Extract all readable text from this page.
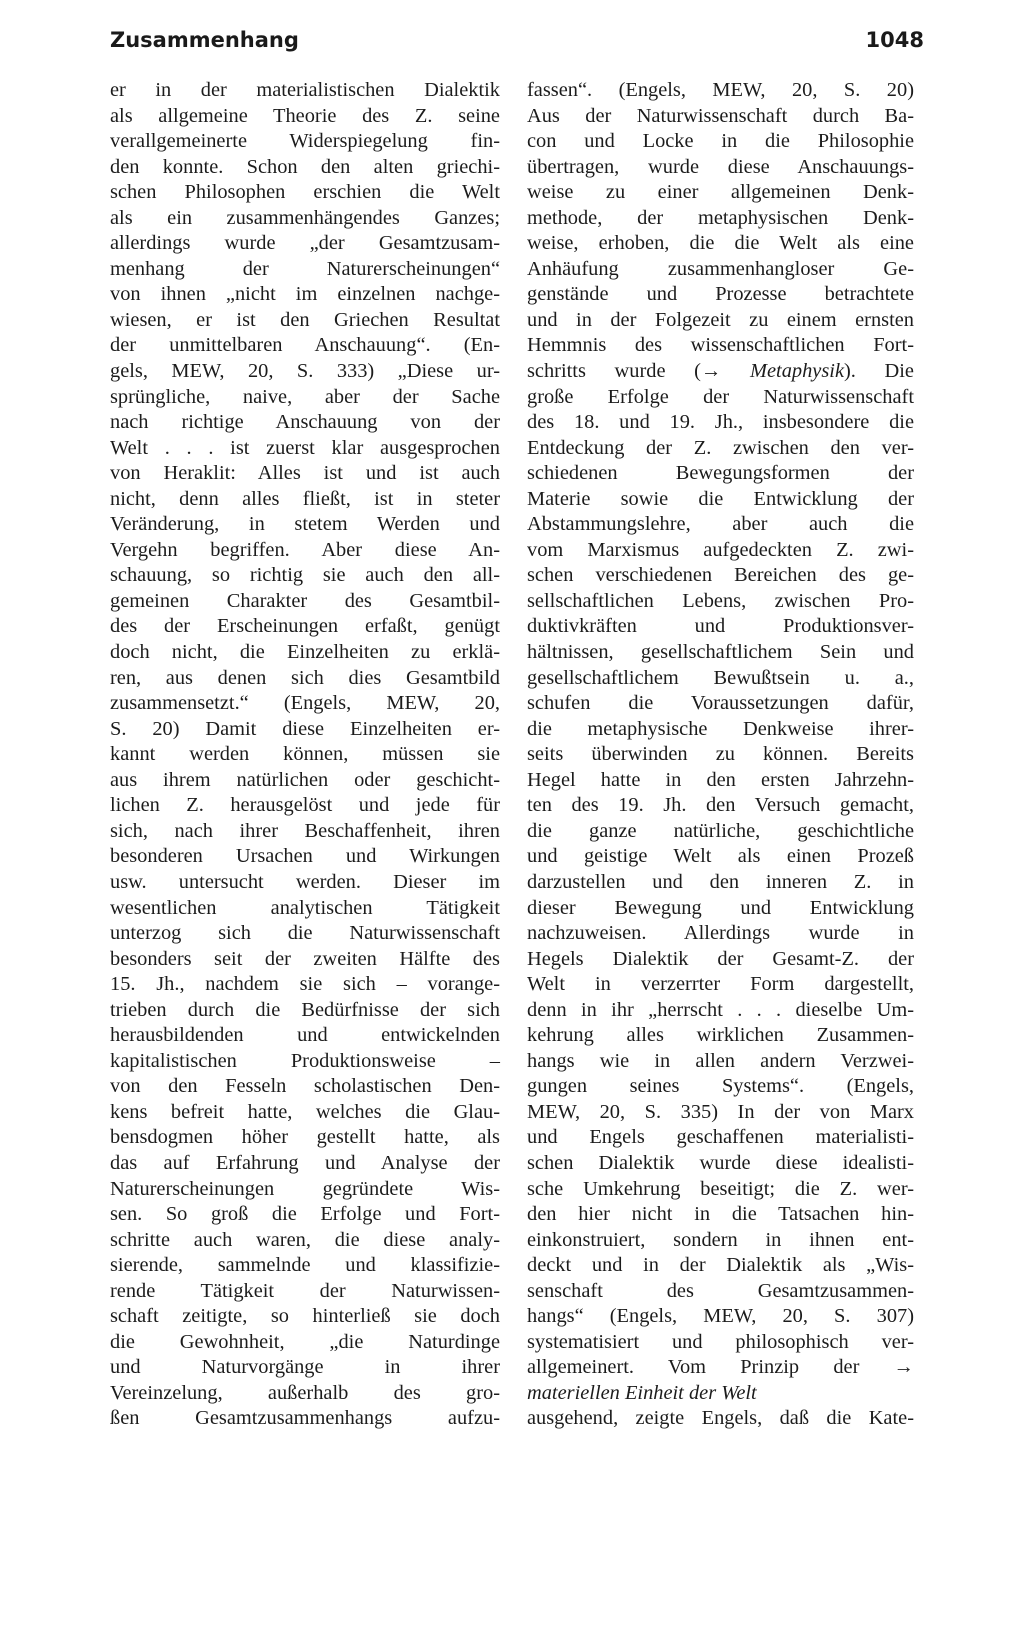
Zusammenhang	1048
er in der materialistischen Dialektik
als allgemeine Theorie des Z. seine
verallgemeinerte Widerspiegelung fin-
den konnte. Schon den alten griechi-
schen Philosophen erschien die Welt
als ein zusammenhängendes Ganzes;
allerdings wurde „der Gesamtzusam-
menhang der Naturerscheinungen“
von ihnen „nicht im einzelnen nachge-
wiesen, er ist den Griechen Resultat
der unmittelbaren Anschauung“. (En-
gels, MEW, 20, S. 333) „Diese ur-
sprüngliche, naive, aber der Sache
nach richtige Anschauung von der
Welt . . . ist zuerst klar ausgesprochen
von Heraklit: Alles ist und ist auch
nicht, denn alles fließt, ist in steter
Veränderung, in stetem Werden und
Vergehn begriffen. Aber diese An-
schauung, so richtig sie auch den all-
gemeinen Charakter des Gesamtbil-
des der Erscheinungen erfaßt, genügt
doch nicht, die Einzelheiten zu erklä-
ren, aus denen sich dies Gesamtbild
zusammensetzt.“ (Engels, MEW, 20,
S. 20) Damit diese Einzelheiten er-
kannt werden können, müssen sie
aus ihrem natürlichen oder geschicht-
lichen Z. herausgelöst und jede für
sich, nach ihrer Beschaffenheit, ihren
besonderen Ursachen und Wirkungen
usw. untersucht werden. Dieser im
wesentlichen analytischen Tätigkeit
unterzog sich die Naturwissenschaft
besonders seit der zweiten Hälfte des
15. Jh., nachdem sie sich – vorange-
trieben durch die Bedürfnisse der sich
herausbildenden und entwickelnden
kapitalistischen Produktionsweise –
von den Fesseln scholastischen Den-
kens befreit hatte, welches die Glau-
bensdogmen höher gestellt hatte, als
das auf Erfahrung und Analyse der
Naturerscheinungen gegründete Wis-
sen. So groß die Erfolge und Fort-
schritte auch waren, die diese analy-
sierende, sammelnde und klassifizie-
rende Tätigkeit der Naturwissen-
schaft zeitigte, so hinterließ sie doch
die Gewohnheit, „die Naturdinge
und Naturvorgänge in ihrer
Vereinzelung, außerhalb des gro-
ßen Gesamtzusammenhangs aufzu-
fassen“. (Engels, MEW, 20, S. 20)
Aus der Naturwissenschaft durch Ba-
con und Locke in die Philosophie
übertragen, wurde diese Anschauungs-
weise zu einer allgemeinen Denk-
methode, der metaphysischen Denk-
weise, erhoben, die die Welt als eine
Anhäufung zusammenhangloser Ge-
genstände und Prozesse betrachtete
und in der Folgezeit zu einem ernsten
Hemmnis des wissenschaftlichen Fort-
schritts wurde (→ Metaphysik). Die
große Erfolge der Naturwissenschaft
des 18. und 19. Jh., insbesondere die
Entdeckung der Z. zwischen den ver-
schiedenen Bewegungsformen der
Materie sowie die Entwicklung der
Abstammungslehre, aber auch die
vom Marxismus aufgedeckten Z. zwi-
schen verschiedenen Bereichen des ge-
sellschaftlichen Lebens, zwischen Pro-
duktivkräften und Produktionsver-
hältnissen, gesellschaftlichem Sein und
gesellschaftlichem Bewußtsein u. a.,
schufen die Voraussetzungen dafür,
die metaphysische Denkweise ihrer-
seits überwinden zu können. Bereits
Hegel hatte in den ersten Jahrzehn-
ten des 19. Jh. den Versuch gemacht,
die ganze natürliche, geschichtliche
und geistige Welt als einen Prozeß
darzustellen und den inneren Z. in
dieser Bewegung und Entwicklung
nachzuweisen. Allerdings wurde in
Hegels Dialektik der Gesamt-Z. der
Welt in verzerrter Form dargestellt,
denn in ihr „herrscht . . . dieselbe Um-
kehrung alles wirklichen Zusammen-
hangs wie in allen andern Verzwei-
gungen seines Systems“. (Engels,
MEW, 20, S. 335) In der von Marx
und Engels geschaffenen materialisti-
schen Dialektik wurde diese idealisti-
sche Umkehrung beseitigt; die Z. wer-
den hier nicht in die Tatsachen hin-
einkonstruiert, sondern in ihnen ent-
deckt und in der Dialektik als „Wis-
senschaft des Gesamtzusammen-
hangs“ (Engels, MEW, 20, S. 307)
systematisiert und philosophisch ver-
allgemeinert. Vom Prinzip der →
materiellen Einheit der Welt
ausgehend, zeigte Engels, daß die Kate-
